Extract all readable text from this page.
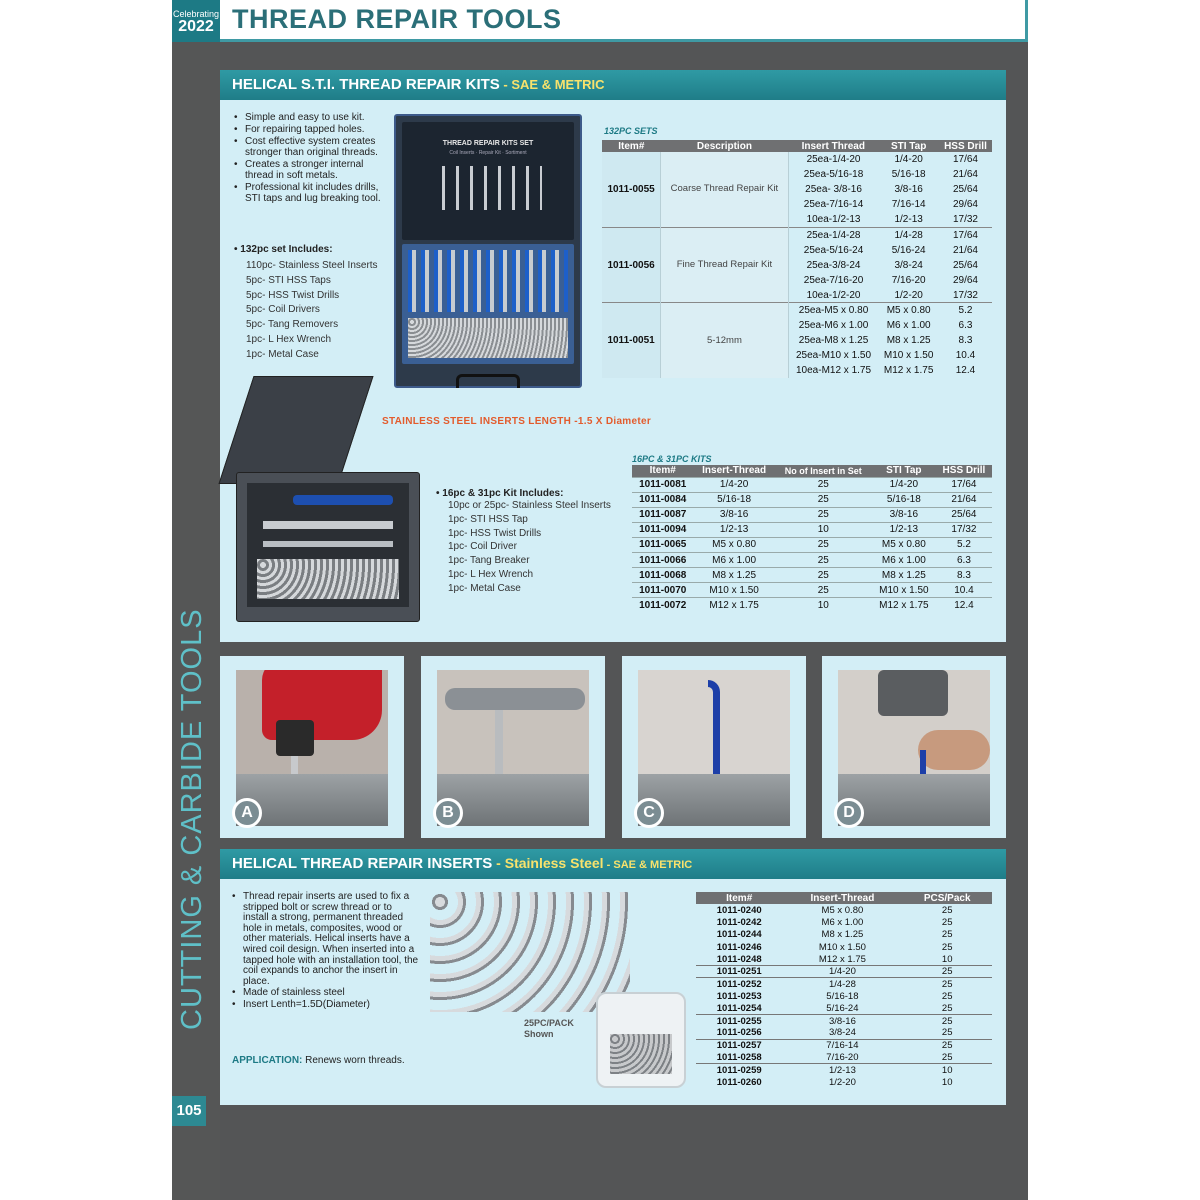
Celebrating
2022 THREAD REPAIR TOOLS
CUTTING & CARBIDE TOOLS
105
HELICAL S.T.I. THREAD REPAIR KITS - SAE & METRIC
• Simple and easy to use kit.
• For repairing tapped holes.
• Cost effective system creates stronger than original threads.
• Creates a stronger internal thread in soft metals.
• Professional kit includes drills, STI taps and lug breaking tool.
• 132pc set Includes:
110pc- Stainless Steel Inserts
5pc- STI HSS Taps
5pc- HSS Twist Drills
5pc- Coil Drivers
5pc- Tang Removers
1pc- L Hex Wrench
1pc- Metal Case
THREAD REPAIR KITS SET
Coil Inserts · Repair Kit · Sortiment
132PC SETS
Item#	Description	Insert Thread	STI Tap	HSS Drill
1011-0055	Coarse Thread Repair Kit	25ea-1/4-20	1/4-20	17/64
		25ea-5/16-18	5/16-18	21/64
		25ea- 3/8-16	3/8-16	25/64
		25ea-7/16-14	7/16-14	29/64
		10ea-1/2-13	1/2-13	17/32
1011-0056	Fine Thread Repair Kit	25ea-1/4-28	1/4-28	17/64
		25ea-5/16-24	5/16-24	21/64
		25ea-3/8-24	3/8-24	25/64
		25ea-7/16-20	7/16-20	29/64
		10ea-1/2-20	1/2-20	17/32
1011-0051	5-12mm	25ea-M5 x 0.80	M5 x 0.80	5.2
		25ea-M6 x 1.00	M6 x 1.00	6.3
		25ea-M8 x 1.25	M8 x 1.25	8.3
		25ea-M10 x 1.50	M10 x 1.50	10.4
		10ea-M12 x 1.75	M12 x 1.75	12.4
STAINLESS STEEL INSERTS LENGTH -1.5 X Diameter
• 16pc & 31pc Kit Includes:
10pc or 25pc- Stainless Steel Inserts
1pc- STI HSS Tap
1pc- HSS Twist Drills
1pc- Coil Driver
1pc- Tang Breaker
1pc- L Hex Wrench
1pc- Metal Case
16PC & 31PC KITS
Item#	Insert-Thread	No of Insert in Set	STI Tap	HSS Drill
1011-0081	1/4-20	25	1/4-20	17/64
1011-0084	5/16-18	25	5/16-18	21/64
1011-0087	3/8-16	25	3/8-16	25/64
1011-0094	1/2-13	10	1/2-13	17/32
1011-0065	M5 x 0.80	25	M5 x 0.80	5.2
1011-0066	M6 x 1.00	25	M6 x 1.00	6.3
1011-0068	M8 x 1.25	25	M8 x 1.25	8.3
1011-0070	M10 x 1.50	25	M10 x 1.50	10.4
1011-0072	M12 x 1.75	10	M12 x 1.75	12.4
A	B	C	D
HELICAL THREAD REPAIR INSERTS - Stainless Steel - SAE & METRIC
• Thread repair inserts are used to fix a stripped bolt or screw thread or to install a strong, permanent threaded hole in metals, composites, wood or other materials. Helical inserts have a wired coil design. When inserted into a tapped hole with an installation tool, the coil expands to anchor the insert in place.
• Made of stainless steel
• Insert Lenth=1.5D(Diameter)
APPLICATION: Renews worn threads.
25PC/PACK Shown
Item#	Insert-Thread	PCS/Pack
1011-0240	M5 x 0.80	25
1011-0242	M6 x 1.00	25
1011-0244	M8 x 1.25	25
1011-0246	M10 x 1.50	25
1011-0248	M12 x 1.75	10
1011-0251	1/4-20	25
1011-0252	1/4-28	25
1011-0253	5/16-18	25
1011-0254	5/16-24	25
1011-0255	3/8-16	25
1011-0256	3/8-24	25
1011-0257	7/16-14	25
1011-0258	7/16-20	25
1011-0259	1/2-13	10
1011-0260	1/2-20	10
